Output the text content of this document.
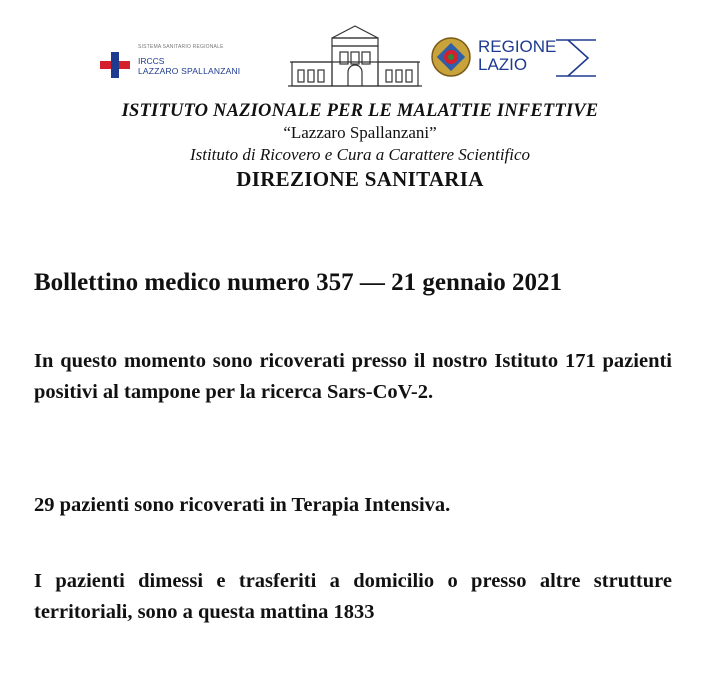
SISTEMA SANITARIO REGIONALE
IRCCS
LAZZARO SPALLANZANI
REGIONE
LAZIO
ISTITUTO NAZIONALE PER LE MALATTIE INFETTIVE
“Lazzaro Spallanzani”
Istituto di Ricovero e Cura a Carattere Scientifico
DIREZIONE SANITARIA
Bollettino medico numero 357 — 21 gennaio 2021
In questo momento sono ricoverati presso il nostro Istituto 171 pazienti positivi al tampone per la ricerca Sars-CoV-2.
29 pazienti sono ricoverati in Terapia Intensiva.
I pazienti dimessi e trasferiti a domicilio o presso altre strutture territoriali, sono a questa mattina 1833
